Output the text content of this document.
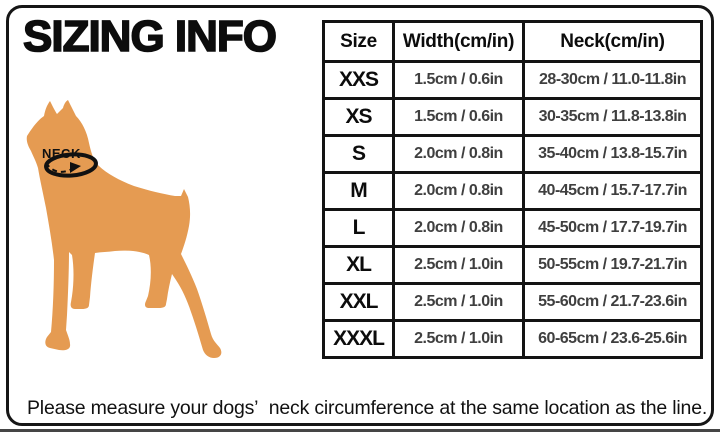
SIZING INFO
NECK
Size	Width(cm/in)	Neck(cm/in)
XXS	1.5cm / 0.6in	28-30cm / 11.0-11.8in
XS	1.5cm / 0.6in	30-35cm / 11.8-13.8in
S	2.0cm / 0.8in	35-40cm / 13.8-15.7in
M	2.0cm / 0.8in	40-45cm / 15.7-17.7in
L	2.0cm / 0.8in	45-50cm / 17.7-19.7in
XL	2.5cm / 1.0in	50-55cm / 19.7-21.7in
XXL	2.5cm / 1.0in	55-60cm / 21.7-23.6in
XXXL	2.5cm / 1.0in	60-65cm / 23.6-25.6in
Please measure your dogs’  neck circumference at the same location as the line.
